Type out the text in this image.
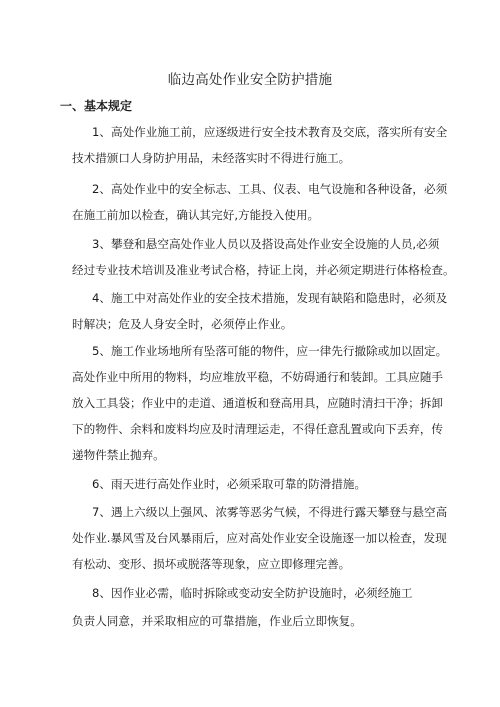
临边高处作业安全防护措施
一、基本规定
1、高处作业施工前，应逐级进行安全技术教育及交底，落实所有安全
技术措颁口人身防护用品，未经落实时不得进行施工。
2、高处作业中的安全标志、工具、仪表、电气设施和各种设备，必须
在施工前加以检查，确认其完好,方能投入使用。
3、攀登和悬空高处作业人员以及搭设高处作业安全设施的人员,必须
经过专业技术培训及准业考试合格，持证上岗，并必须定期进行体格检查。
4、施工中对高处作业的安全技术措施，发现有缺陷和隐患时，必须及
时解决；危及人身安全时，必须停止作业。
5、施工作业场地所有坠落可能的物件，应一律先行撤除或加以固定。
高处作业中所用的物料，均应堆放平稳，不妨碍通行和装卸。工具应随手
放入工具袋；作业中的走道、通道板和登高用具，应随时清扫干净；拆卸
下的物件、余料和废料均应及时清理运走，不得任意乱置或向下丢弃，传
递物件禁止抛弃。
6、雨天进行高处作业时，必须采取可靠的防滑措施。
7、遇上六级以上强风、浓雾等恶劣气候，不得进行露天攀登与悬空高
处作业.暴风雪及台风暴雨后，应对高处作业安全设施逐一加以检查，发现
有松动、变形、损坏或脱落等现象，应立即修理完善。
8、因作业必需，临时拆除或变动安全防护设施时，必须经施工
负责人同意，并采取相应的可靠措施，作业后立即恢复。
